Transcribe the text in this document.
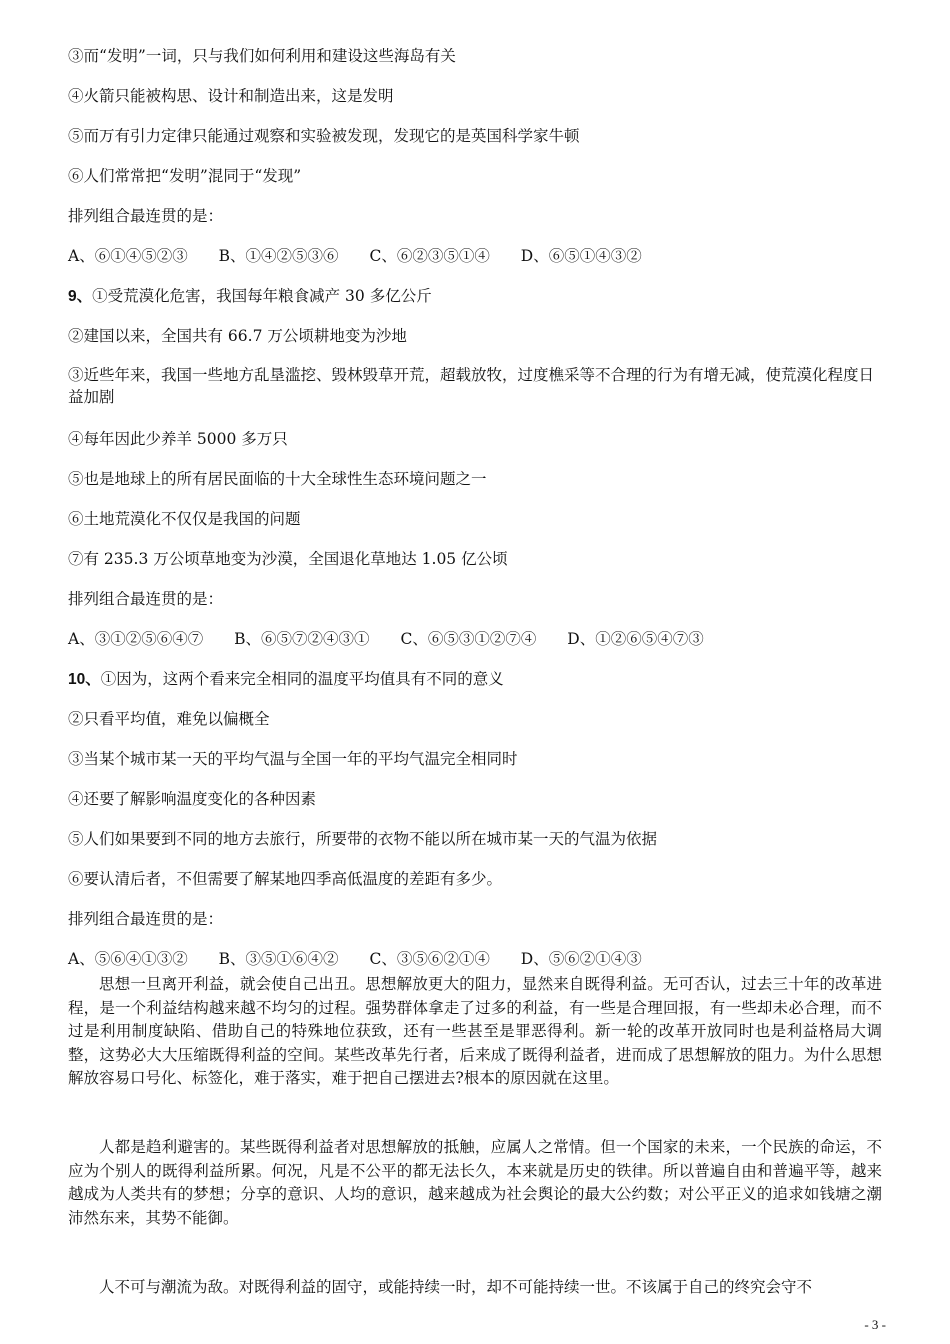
③而“发明”一词，只与我们如何利用和建设这些海岛有关
④火箭只能被构思、设计和制造出来，这是发明
⑤而万有引力定律只能通过观察和实验被发现，发现它的是英国科学家牛顿
⑥人们常常把“发明”混同于“发现”
排列组合最连贯的是：
A、⑥①④⑤②③ B、①④②⑤③⑥ C、⑥②③⑤①④ D、⑥⑤①④③②
9、①受荒漠化危害，我国每年粮食减产 30 多亿公斤
②建国以来，全国共有 66.7 万公顷耕地变为沙地
③近些年来，我国一些地方乱垦滥挖、毁林毁草开荒，超载放牧，过度樵采等不合理的行为有增无减，使荒漠化程度日益加剧
④每年因此少养羊 5000 多万只
⑤也是地球上的所有居民面临的十大全球性生态环境问题之一
⑥土地荒漠化不仅仅是我国的问题
⑦有 235.3 万公顷草地变为沙漠，全国退化草地达 1.05 亿公顷
排列组合最连贯的是：
A、③①②⑤⑥④⑦ B、⑥⑤⑦②④③① C、⑥⑤③①②⑦④ D、①②⑥⑤④⑦③
10、①因为，这两个看来完全相同的温度平均值具有不同的意义
②只看平均值，难免以偏概全
③当某个城市某一天的平均气温与全国一年的平均气温完全相同时
④还要了解影响温度变化的各种因素
⑤人们如果要到不同的地方去旅行，所要带的衣物不能以所在城市某一天的气温为依据
⑥要认清后者，不但需要了解某地四季高低温度的差距有多少。
排列组合最连贯的是：
A、⑤⑥④①③② B、③⑤①⑥④② C、③⑤⑥②①④ D、⑤⑥②①④③

思想一旦离开利益，就会使自己出丑。思想解放更大的阻力，显然来自既得利益。无可否认，过去三十年的改革进程，是一个利益结构越来越不均匀的过程。强势群体拿走了过多的利益，有一些是合理回报，有一些却未必合理，而不过是利用制度缺陷、借助自己的特殊地位获致，还有一些甚至是罪恶得利。新一轮的改革开放同时也是利益格局大调整，这势必大大压缩既得利益的空间。某些改革先行者，后来成了既得利益者，进而成了思想解放的阻力。为什么思想解放容易口号化、标签化，难于落实，难于把自己摆进去?根本的原因就在这里。

人都是趋利避害的。某些既得利益者对思想解放的抵触，应属人之常情。但一个国家的未来，一个民族的命运，不应为个别人的既得利益所累。何况，凡是不公平的都无法长久，本来就是历史的铁律。所以普遍自由和普遍平等，越来越成为人类共有的梦想；分享的意识、人均的意识，越来越成为社会舆论的最大公约数；对公平正义的追求如钱塘之潮沛然东来，其势不能御。

人不可与潮流为敌。对既得利益的固守，或能持续一时，却不可能持续一世。不该属于自己的终究会守不

- 3 -
